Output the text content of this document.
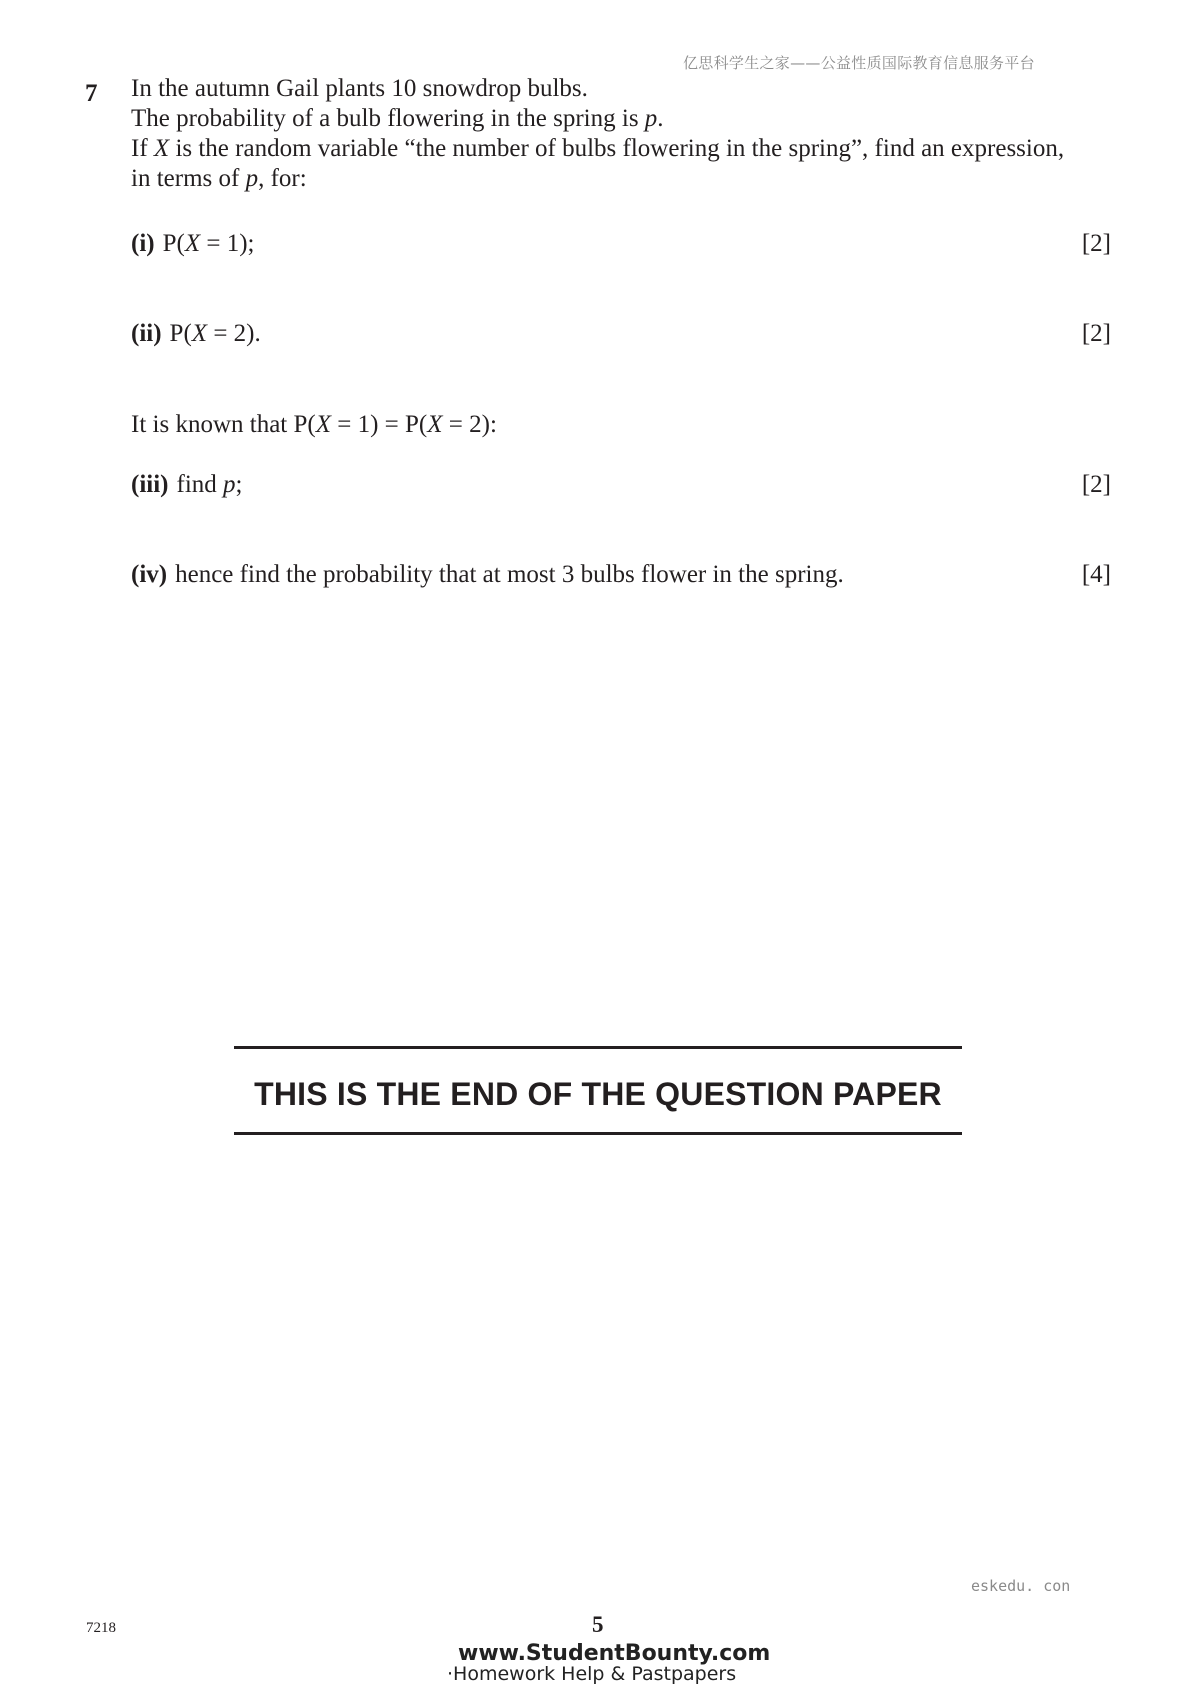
亿思科学生之家——公益性质国际教育信息服务平台
7 In the autumn Gail plants 10 snowdrop bulbs.
The probability of a bulb flowering in the spring is p.
If X is the random variable “the number of bulbs flowering in the spring”, find an expression,
in terms of p, for:
(i) P(X = 1);	[2]
(ii) P(X = 2).	[2]
It is known that P(X = 1) = P(X = 2):
(iii) find p;	[2]
(iv) hence find the probability that at most 3 bulbs flower in the spring.	[4]
THIS IS THE END OF THE QUESTION PAPER
eskedu. con
7218	5
www.StudentBounty.com
·Homework Help & Pastpapers
